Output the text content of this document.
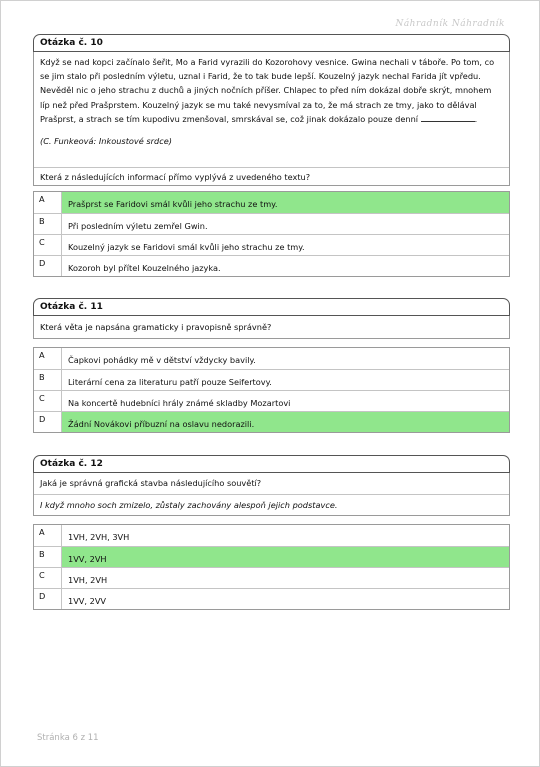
Náhradník Náhradník
Otázka č. 10
Když se nad kopci začínalo šeřit, Mo a Farid vyrazili do Kozorohovy vesnice. Gwina nechali v táboře. Po tom, co se jim stalo při posledním výletu, uznal i Farid, že to tak bude lepší. Kouzelný jazyk nechal Farida jít vpředu. Nevěděl nic o jeho strachu z duchů a jiných nočních příšer. Chlapec to před ním dokázal dobře skrýt, mnohem líp než před Prašprstem. Kouzelný jazyk se mu také nevysmíval za to, že má strach ze tmy, jako to dělával Prašprst, a strach se tím kupodivu zmenšoval, smrskával se, což jinak dokázalo pouze denní	.
(C. Funkeová: Inkoustové srdce)
Která z následujících informací přímo vyplývá z uvedeného textu?
A	Prašprst se Faridovi smál kvůli jeho strachu ze tmy.
B	Při posledním výletu zemřel Gwin.
C	Kouzelný jazyk se Faridovi smál kvůli jeho strachu ze tmy.
D	Kozoroh byl přítel Kouzelného jazyka.
Otázka č. 11
Která věta je napsána gramaticky i pravopisně správně?
A	Čapkovi pohádky mě v dětství vždycky bavily.
B	Literární cena za literaturu patří pouze Seifertovy.
C	Na koncertě hudebníci hrály známé skladby Mozartovi
D	Žádní Novákovi příbuzní na oslavu nedorazili.
Otázka č. 12
Jaká je správná grafická stavba následujícího souvětí?
I když mnoho soch zmizelo, zůstaly zachovány alespoň jejich podstavce.
A	1VH, 2VH, 3VH
B	1VV, 2VH
C	1VH, 2VH
D	1VV, 2VV
Stránka 6 z 11
